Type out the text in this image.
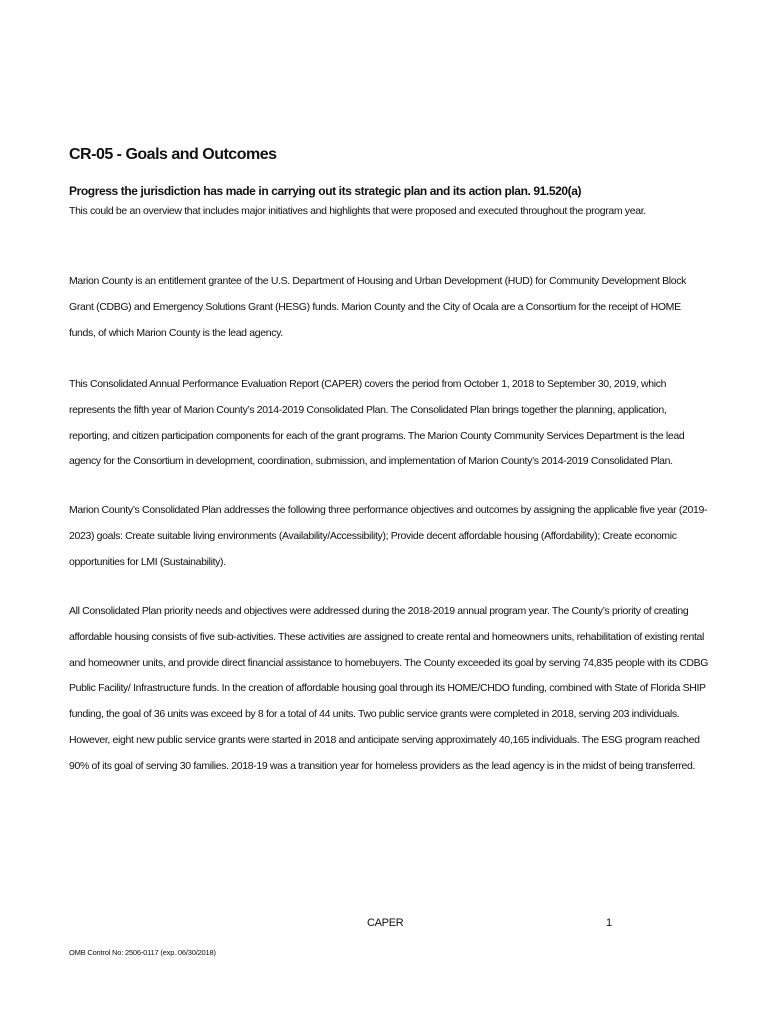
CR-05 - Goals and Outcomes
Progress the jurisdiction has made in carrying out its strategic plan and its action plan. 91.520(a)

This could be an overview that includes major initiatives and highlights that were proposed and executed throughout the program year.

Marion County is an entitlement grantee of the U.S. Department of Housing and Urban Development (HUD) for Community Development Block Grant (CDBG) and Emergency Solutions Grant (HESG) funds. Marion County and the City of Ocala are a Consortium for the receipt of HOME funds, of which Marion County is the lead agency.

This Consolidated Annual Performance Evaluation Report (CAPER) covers the period from October 1, 2018 to September 30, 2019, which represents the fifth year of Marion County’s 2014-2019 Consolidated Plan. The Consolidated Plan brings together the planning, application, reporting, and citizen participation components for each of the grant programs. The Marion County Community Services Department is the lead agency for the Consortium in development, coordination, submission, and implementation of Marion County’s 2014-2019 Consolidated Plan.

Marion County’s Consolidated Plan addresses the following three performance objectives and outcomes by assigning the applicable five year (2019-2023) goals: Create suitable living environments (Availability/Accessibility); Provide decent affordable housing (Affordability); Create economic opportunities for LMI (Sustainability).

All Consolidated Plan priority needs and objectives were addressed during the 2018-2019 annual program year. The County’s priority of creating affordable housing consists of five sub-activities. These activities are assigned to create rental and homeowners units, rehabilitation of existing rental and homeowner units, and provide direct financial assistance to homebuyers. The County exceeded its goal by serving 74,835 people with its CDBG Public Facility/ Infrastructure funds. In the creation of affordable housing goal through its HOME/CHDO funding, combined with State of Florida SHIP funding, the goal of 36 units was exceed by 8 for a total of 44 units. Two public service grants were completed in 2018, serving 203 individuals. However, eight new public service grants were started in 2018 and anticipate serving approximately 40,165 individuals. The ESG program reached 90% of its goal of serving 30 families. 2018-19 was a transition year for homeless providers as the lead agency is in the midst of being transferred.

CAPER	1
OMB Control No: 2506-0117 (exp. 06/30/2018)
